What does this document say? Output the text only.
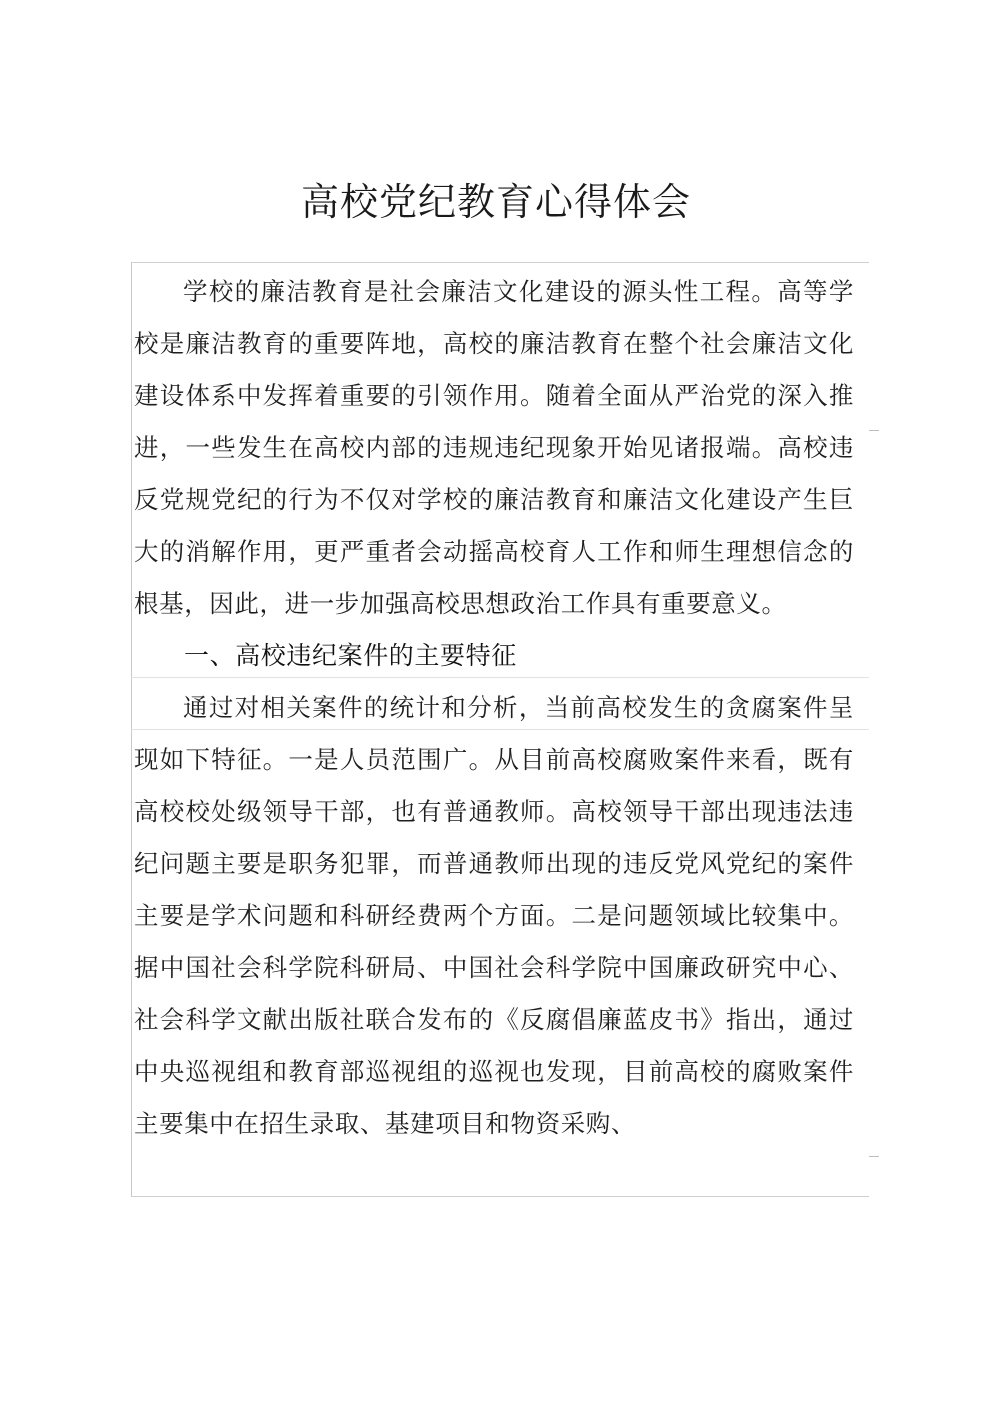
高校党纪教育心得体会

学校的廉洁教育是社会廉洁文化建设的源头性工程。高等学校是廉洁教育的重要阵地，高校的廉洁教育在整个社会廉洁文化建设体系中发挥着重要的引领作用。随着全面从严治党的深入推进，一些发生在高校内部的违规违纪现象开始见诸报端。高校违反党规党纪的行为不仅对学校的廉洁教育和廉洁文化建设产生巨大的消解作用，更严重者会动摇高校育人工作和师生理想信念的根基，因此，进一步加强高校思想政治工作具有重要意义。

一、高校违纪案件的主要特征

通过对相关案件的统计和分析，当前高校发生的贪腐案件呈现如下特征。一是人员范围广。从目前高校腐败案件来看，既有高校校处级领导干部，也有普通教师。高校领导干部出现违法违纪问题主要是职务犯罪，而普通教师出现的违反党风党纪的案件主要是学术问题和科研经费两个方面。二是问题领域比较集中。据中国社会科学院科研局、中国社会科学院中国廉政研究中心、社会科学文献出版社联合发布的《反腐倡廉蓝皮书》指出，通过中央巡视组和教育部巡视组的巡视也发现，目前高校的腐败案件主要集中在招生录取、基建项目和物资采购、
